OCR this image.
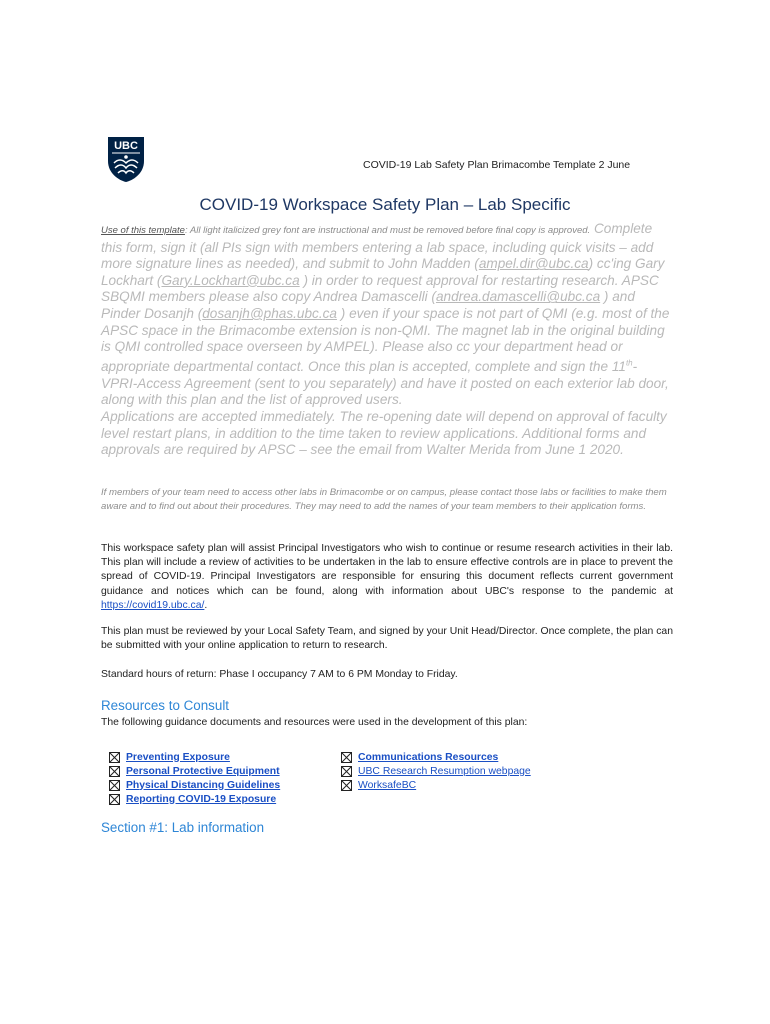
UBC
COVID-19 Lab Safety Plan Brimacombe Template 2 June
COVID-19 Workspace Safety Plan – Lab Specific
Use of this template: All light italicized grey font are instructional and must be removed before final copy is approved. Complete this form, sign it (all PIs sign with members entering a lab space, including quick visits – add more signature lines as needed), and submit to John Madden (ampel.dir@ubc.ca) cc'ing Gary Lockhart (Gary.Lockhart@ubc.ca ) in order to request approval for restarting research. APSC SBQMI members please also copy Andrea Damascelli (andrea.damascelli@ubc.ca ) and Pinder Dosanjh (dosanjh@phas.ubc.ca ) even if your space is not part of QMI (e.g. most of the APSC space in the Brimacombe extension is non-QMI. The magnet lab in the original building is QMI controlled space overseen by AMPEL). Please also cc your department head or appropriate departmental contact. Once this plan is accepted, complete and sign the 11th-VPRI-Access Agreement (sent to you separately) and have it posted on each exterior lab door, along with this plan and the list of approved users.
Applications are accepted immediately. The re-opening date will depend on approval of faculty level restart plans, in addition to the time taken to review applications. Additional forms and approvals are required by APSC – see the email from Walter Merida from June 1 2020.
If members of your team need to access other labs in Brimacombe or on campus, please contact those labs or facilities to make them aware and to find out about their procedures. They may need to add the names of your team members to their application forms.
This workspace safety plan will assist Principal Investigators who wish to continue or resume research activities in their lab. This plan will include a review of activities to be undertaken in the lab to ensure effective controls are in place to prevent the spread of COVID-19. Principal Investigators are responsible for ensuring this document reflects current government guidance and notices which can be found, along with information about UBC's response to the pandemic at https://covid19.ubc.ca/.
This plan must be reviewed by your Local Safety Team, and signed by your Unit Head/Director. Once complete, the plan can be submitted with your online application to return to research.
Standard hours of return: Phase I occupancy 7 AM to 6 PM Monday to Friday.
Resources to Consult
The following guidance documents and resources were used in the development of this plan:
Preventing Exposure
Personal Protective Equipment
Physical Distancing Guidelines
Reporting COVID-19 Exposure
Communications Resources
UBC Research Resumption webpage
WorksafeBC
Section #1: Lab information
